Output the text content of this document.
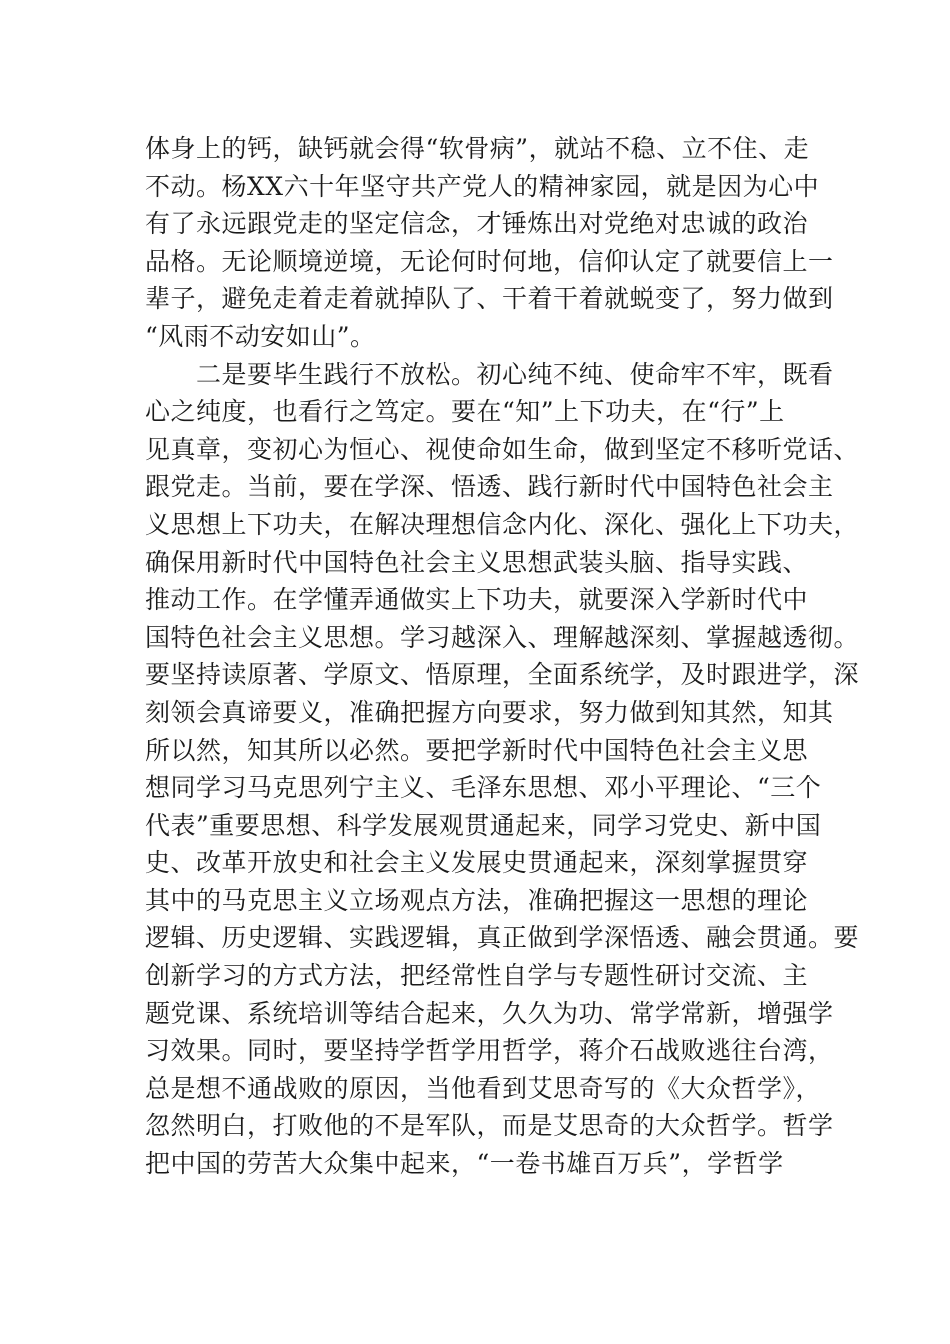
体身上的钙，缺钙就会得“软骨病”，就站不稳、立不住、走
不动。杨XX六十年坚守共产党人的精神家园，就是因为心中
有了永远跟党走的坚定信念，才锤炼出对党绝对忠诚的政治
品格。无论顺境逆境，无论何时何地，信仰认定了就要信上一
辈子，避免走着走着就掉队了、干着干着就蜕变了，努力做到
“风雨不动安如山”。
　　二是要毕生践行不放松。初心纯不纯、使命牢不牢，既看
心之纯度，也看行之笃定。要在“知”上下功夫，在“行”上
见真章，变初心为恒心、视使命如生命，做到坚定不移听党话、
跟党走。当前，要在学深、悟透、践行新时代中国特色社会主
义思想上下功夫，在解决理想信念内化、深化、强化上下功夫，
确保用新时代中国特色社会主义思想武装头脑、指导实践、
推动工作。在学懂弄通做实上下功夫，就要深入学新时代中
国特色社会主义思想。学习越深入、理解越深刻、掌握越透彻。
要坚持读原著、学原文、悟原理，全面系统学，及时跟进学，深
刻领会真谛要义，准确把握方向要求，努力做到知其然，知其
所以然，知其所以必然。要把学新时代中国特色社会主义思
想同学习马克思列宁主义、毛泽东思想、邓小平理论、“三个
代表”重要思想、科学发展观贯通起来，同学习党史、新中国
史、改革开放史和社会主义发展史贯通起来，深刻掌握贯穿
其中的马克思主义立场观点方法，准确把握这一思想的理论
逻辑、历史逻辑、实践逻辑，真正做到学深悟透、融会贯通。要
创新学习的方式方法，把经常性自学与专题性研讨交流、主
题党课、系统培训等结合起来，久久为功、常学常新，增强学
习效果。同时，要坚持学哲学用哲学，蒋介石战败逃往台湾，
总是想不通战败的原因，当他看到艾思奇写的《大众哲学》，
忽然明白，打败他的不是军队，而是艾思奇的大众哲学。哲学
把中国的劳苦大众集中起来，“一卷书雄百万兵”，学哲学
